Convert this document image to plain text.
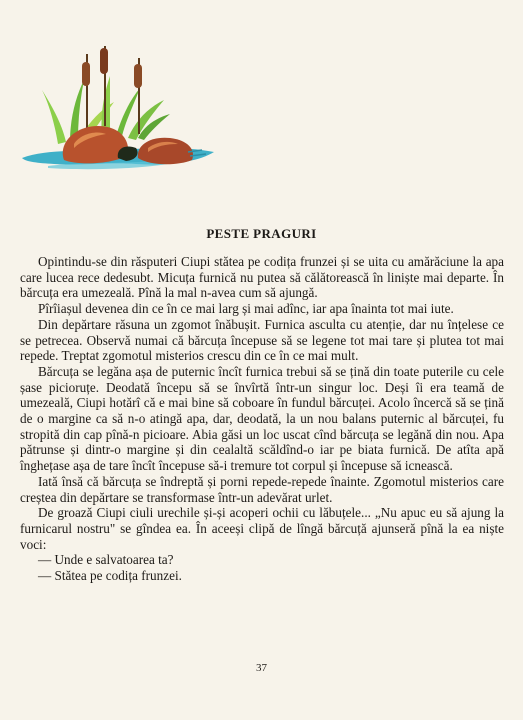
PESTE PRAGURI

Opintindu-se din răsputeri Ciupi stătea pe codița frunzei și se uita cu amărăciune la apa care lucea rece dedesubt. Micuța furnică nu putea să călătorească în liniște mai departe. În bărcuța era umezeală. Pînă la mal n-avea cum să ajungă.

Pîrîiașul devenea din ce în ce mai larg și mai adînc, iar apa înainta tot mai iute.

Din depărtare răsuna un zgomot înăbușit. Furnica asculta cu atenție, dar nu înțelese ce se petrecea. Observă numai că bărcuța începuse să se legene tot mai tare și plutea tot mai repede. Treptat zgomotul misterios crescu din ce în ce mai mult.

Bărcuța se legăna așa de puternic încît furnica trebui să se țină din toate puterile cu cele șase picioruțe. Deodată începu să se învîrtă într-un singur loc. Deși îi era teamă de umezeală, Ciupi hotărî că e mai bine să coboare în fundul bărcuței. Acolo încercă să se țină de o margine ca să n-o atingă apa, dar, deodată, la un nou balans puternic al bărcuței, fu stropită din cap pînă-n picioare. Abia găsi un loc uscat cînd bărcuța se legănă din nou. Apa pătrunse și dintr-o margine și din cealaltă scăldînd-o iar pe biata furnică. De atîta apă înghețase așa de tare încît începuse să-i tremure tot corpul și începuse să icnească.

Iată însă că bărcuța se îndreptă și porni repede-repede înainte. Zgomotul misterios care creștea din depărtare se transformase într-un adevărat urlet.

De groază Ciupi ciuli urechile și-și acoperi ochii cu lăbuțele... „Nu apuc eu să ajung la furnicarul nostru" se gîndea ea. În aceeși clipă de lîngă bărcuță ajunseră pînă la ea niște voci:

— Unde e salvatoarea ta?

— Stătea pe codița frunzei.

37
